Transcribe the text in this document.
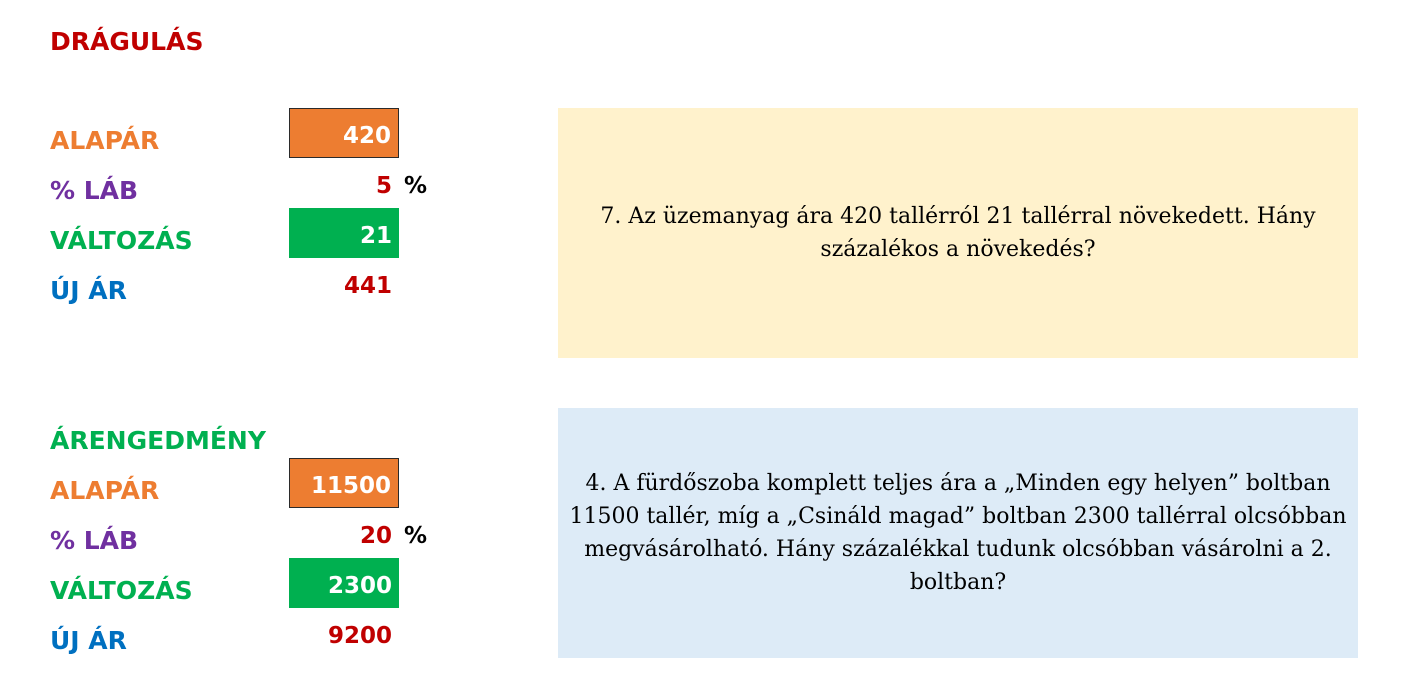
DRÁGULÁS
ALAPÁR	420
% LÁB	5 %
VÁLTOZÁS	21
ÚJ ÁR	441
7. Az üzemanyag ára 420 tallérról 21 tallérral növekedett. Hány százalékos a növekedés?
ÁRENGEDMÉNY
ALAPÁR	11500
% LÁB	20 %
VÁLTOZÁS	2300
ÚJ ÁR	9200
4. A fürdőszoba komplett teljes ára a „Minden egy helyen” boltban 11500 tallér, míg a „Csináld magad” boltban 2300 tallérral olcsóbban megvásárolható. Hány százalékkal tudunk olcsóbban vásárolni a 2. boltban?
